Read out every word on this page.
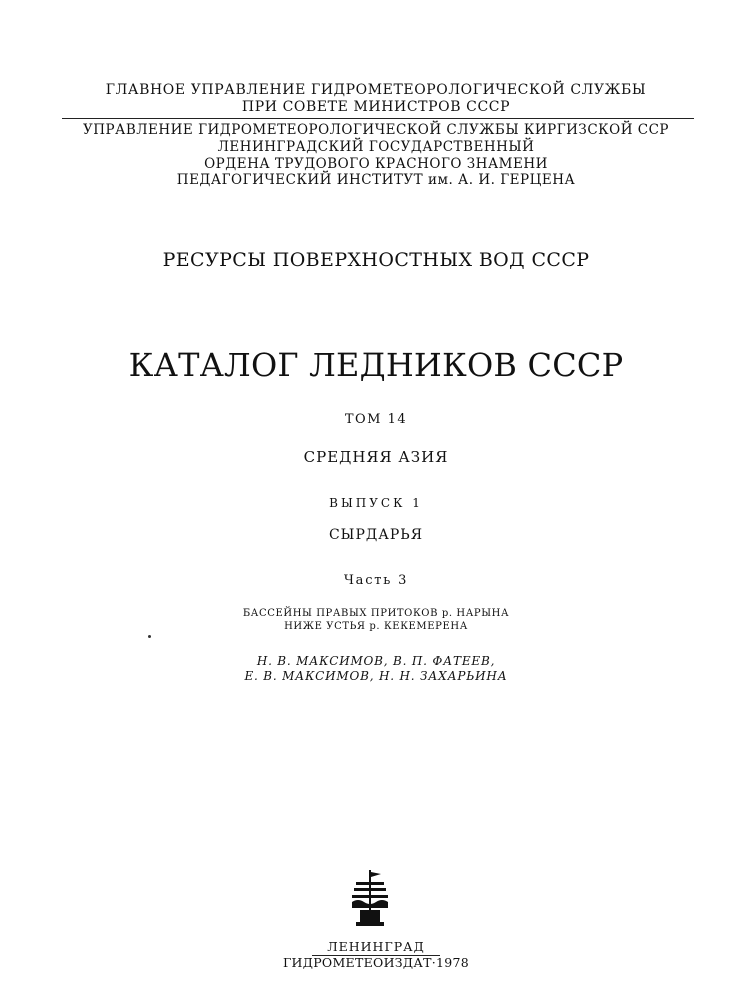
ГЛАВНОЕ УПРАВЛЕНИЕ ГИДРОМЕТЕОРОЛОГИЧЕСКОЙ СЛУЖБЫ
ПРИ СОВЕТЕ МИНИСТРОВ СССР
УПРАВЛЕНИЕ ГИДРОМЕТЕОРОЛОГИЧЕСКОЙ СЛУЖБЫ КИРГИЗСКОЙ ССР
ЛЕНИНГРАДСКИЙ ГОСУДАРСТВЕННЫЙ
ОРДЕНА ТРУДОВОГО КРАСНОГО ЗНАМЕНИ
ПЕДАГОГИЧЕСКИЙ ИНСТИТУТ им. А. И. ГЕРЦЕНА
РЕСУРСЫ ПОВЕРХНОСТНЫХ ВОД СССР
КАТАЛОГ ЛЕДНИКОВ СССР
ТОМ 14
СРЕДНЯЯ АЗИЯ
ВЫПУСК 1
СЫРДАРЬЯ
Часть 3
БАССЕЙНЫ ПРАВЫХ ПРИТОКОВ р. НАРЫНА
НИЖЕ УСТЬЯ р. КЕКЕМЕРЕНА
Н. В. МАКСИМОВ, В. П. ФАТЕЕВ,
Е. В. МАКСИМОВ, Н. Н. ЗАХАРЬИНА
ЛЕНИНГРАД
ГИДРОМЕТЕОИЗДАТ·1978
